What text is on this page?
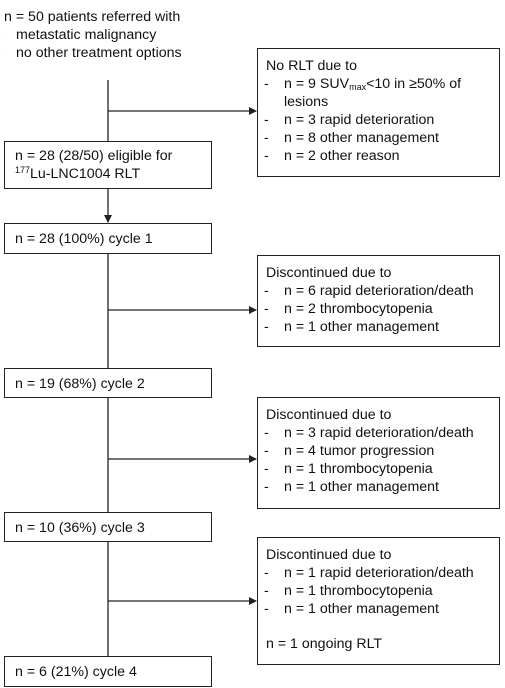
n = 50 patients referred with
- metastatic malignancy
- no other treatment options
No RLT due to
- n = 9 $SUV_{max}<10$ in ≥50% of lesions
- n = 3 rapid deterioration
- n = 8 other management
- n = 2 other reason
n = 28 (28/50) eligible for
$^{177}$Lu-LNC1004 RLT
n = 28 (100%) cycle 1
Discontinued due to
- n = 6 rapid deterioration/death
- n = 2 thrombocytopenia
- n = 1 other management
n = 19 (68%) cycle 2
Discontinued due to
- n = 3 rapid deterioration/death
- n = 4 tumor progression
- n = 1 thrombocytopenia
- n = 1 other management
n = 10 (36%) cycle 3
Discontinued due to
- n = 1 rapid deterioration/death
- n = 1 thrombocytopenia
- n = 1 other management
n = 1 ongoing RLT
n = 6 (21%) cycle 4
